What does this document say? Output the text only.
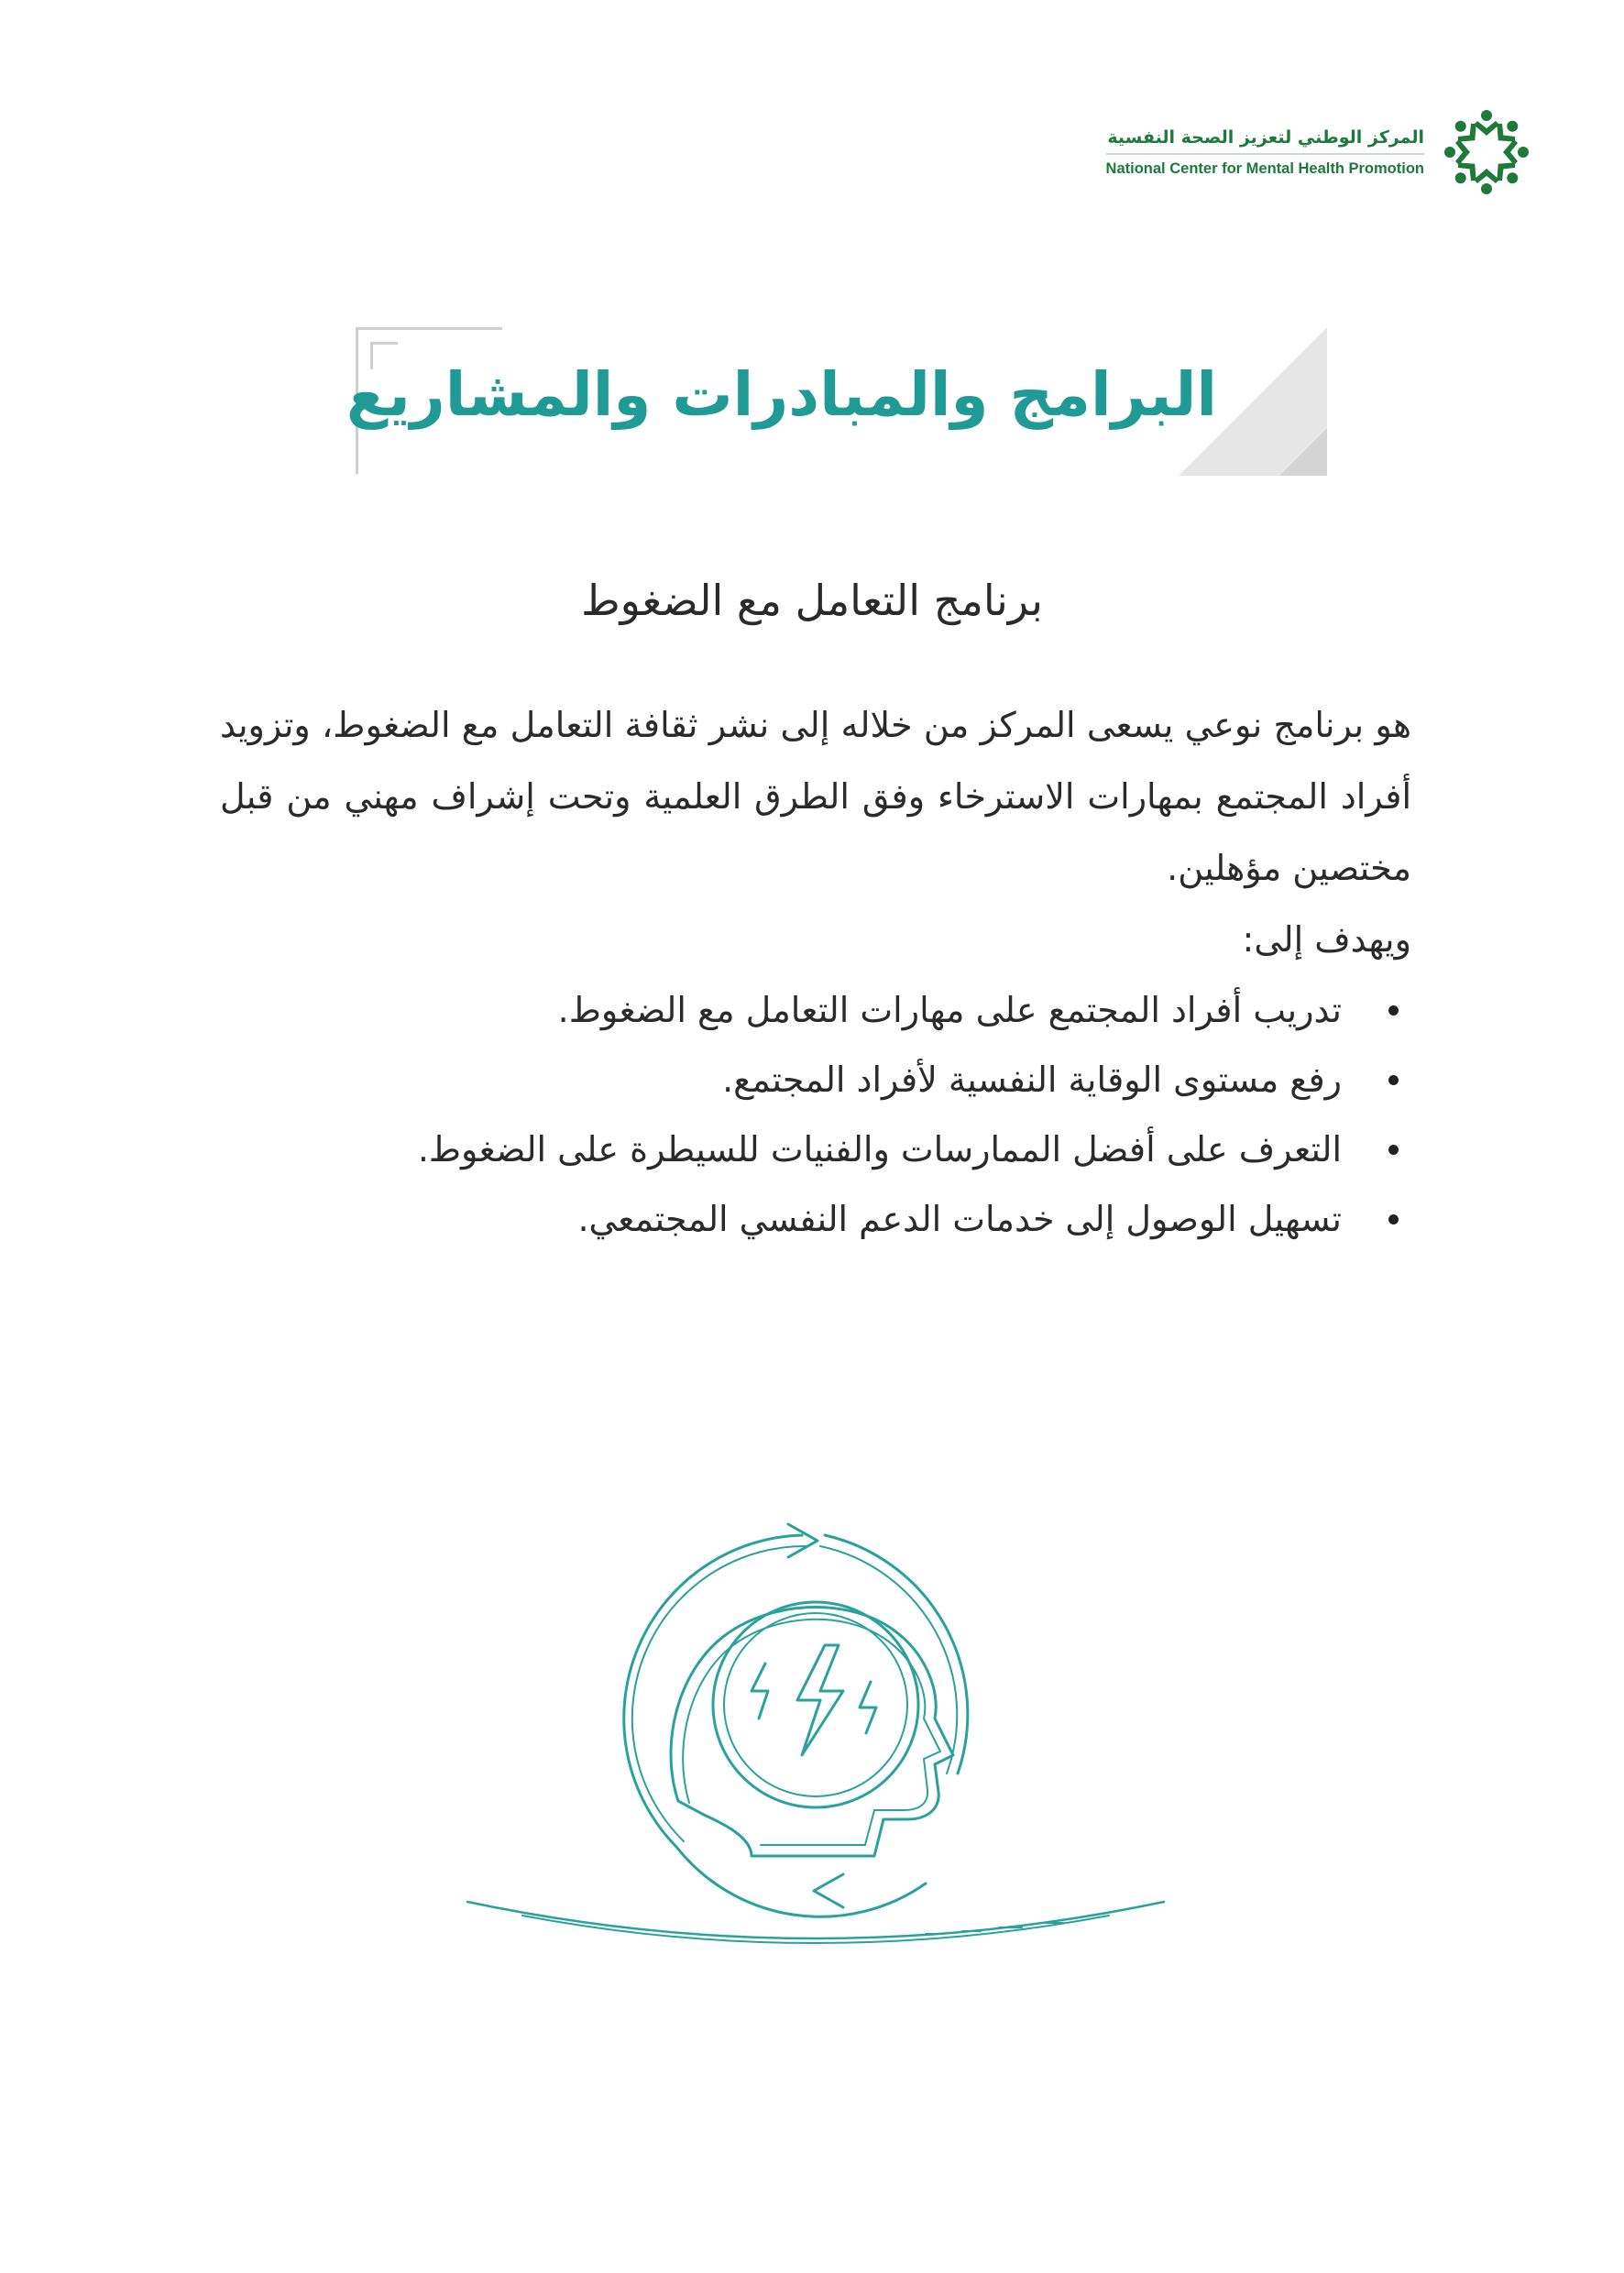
المركز الوطني لتعزيز الصحة النفسية
National Center for Mental Health Promotion
البرامج والمبادرات والمشاريع
برنامج التعامل مع الضغوط

هو برنامج نوعي يسعى المركز من خلاله إلى نشر ثقافة التعامل مع الضغوط، وتزويد أفراد المجتمع بمهارات الاسترخاء وفق الطرق العلمية وتحت إشراف مهني من قبل مختصين مؤهلين.

ويهدف إلى:

تدريب أفراد المجتمع على مهارات التعامل مع الضغوط.
رفع مستوى الوقاية النفسية لأفراد المجتمع.
التعرف على أفضل الممارسات والفنيات للسيطرة على الضغوط.
تسهيل الوصول إلى خدمات الدعم النفسي المجتمعي.
